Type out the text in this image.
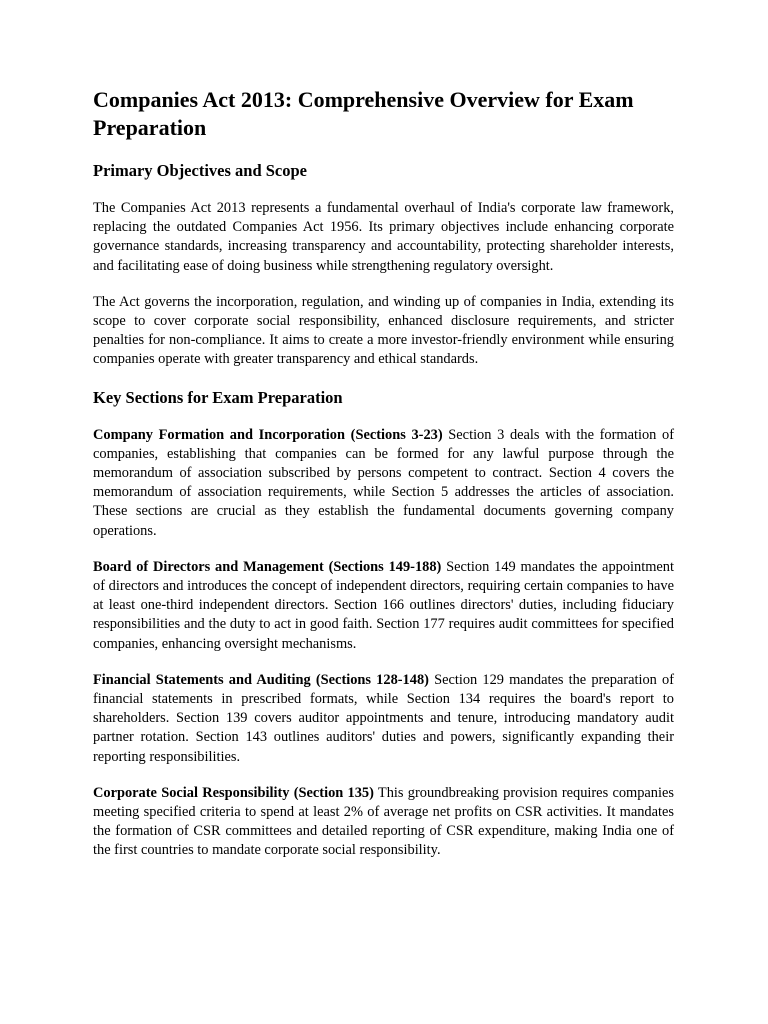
Companies Act 2013: Comprehensive Overview for Exam Preparation
Primary Objectives and Scope

The Companies Act 2013 represents a fundamental overhaul of India's corporate law framework, replacing the outdated Companies Act 1956. Its primary objectives include enhancing corporate governance standards, increasing transparency and accountability, protecting shareholder interests, and facilitating ease of doing business while strengthening regulatory oversight.

The Act governs the incorporation, regulation, and winding up of companies in India, extending its scope to cover corporate social responsibility, enhanced disclosure requirements, and stricter penalties for non-compliance. It aims to create a more investor-friendly environment while ensuring companies operate with greater transparency and ethical standards.

Key Sections for Exam Preparation

Company Formation and Incorporation (Sections 3-23) Section 3 deals with the formation of companies, establishing that companies can be formed for any lawful purpose through the memorandum of association subscribed by persons competent to contract. Section 4 covers the memorandum of association requirements, while Section 5 addresses the articles of association. These sections are crucial as they establish the fundamental documents governing company operations.

Board of Directors and Management (Sections 149-188) Section 149 mandates the appointment of directors and introduces the concept of independent directors, requiring certain companies to have at least one-third independent directors. Section 166 outlines directors' duties, including fiduciary responsibilities and the duty to act in good faith. Section 177 requires audit committees for specified companies, enhancing oversight mechanisms.

Financial Statements and Auditing (Sections 128-148) Section 129 mandates the preparation of financial statements in prescribed formats, while Section 134 requires the board's report to shareholders. Section 139 covers auditor appointments and tenure, introducing mandatory audit partner rotation. Section 143 outlines auditors' duties and powers, significantly expanding their reporting responsibilities.

Corporate Social Responsibility (Section 135) This groundbreaking provision requires companies meeting specified criteria to spend at least 2% of average net profits on CSR activities. It mandates the formation of CSR committees and detailed reporting of CSR expenditure, making India one of the first countries to mandate corporate social responsibility.
